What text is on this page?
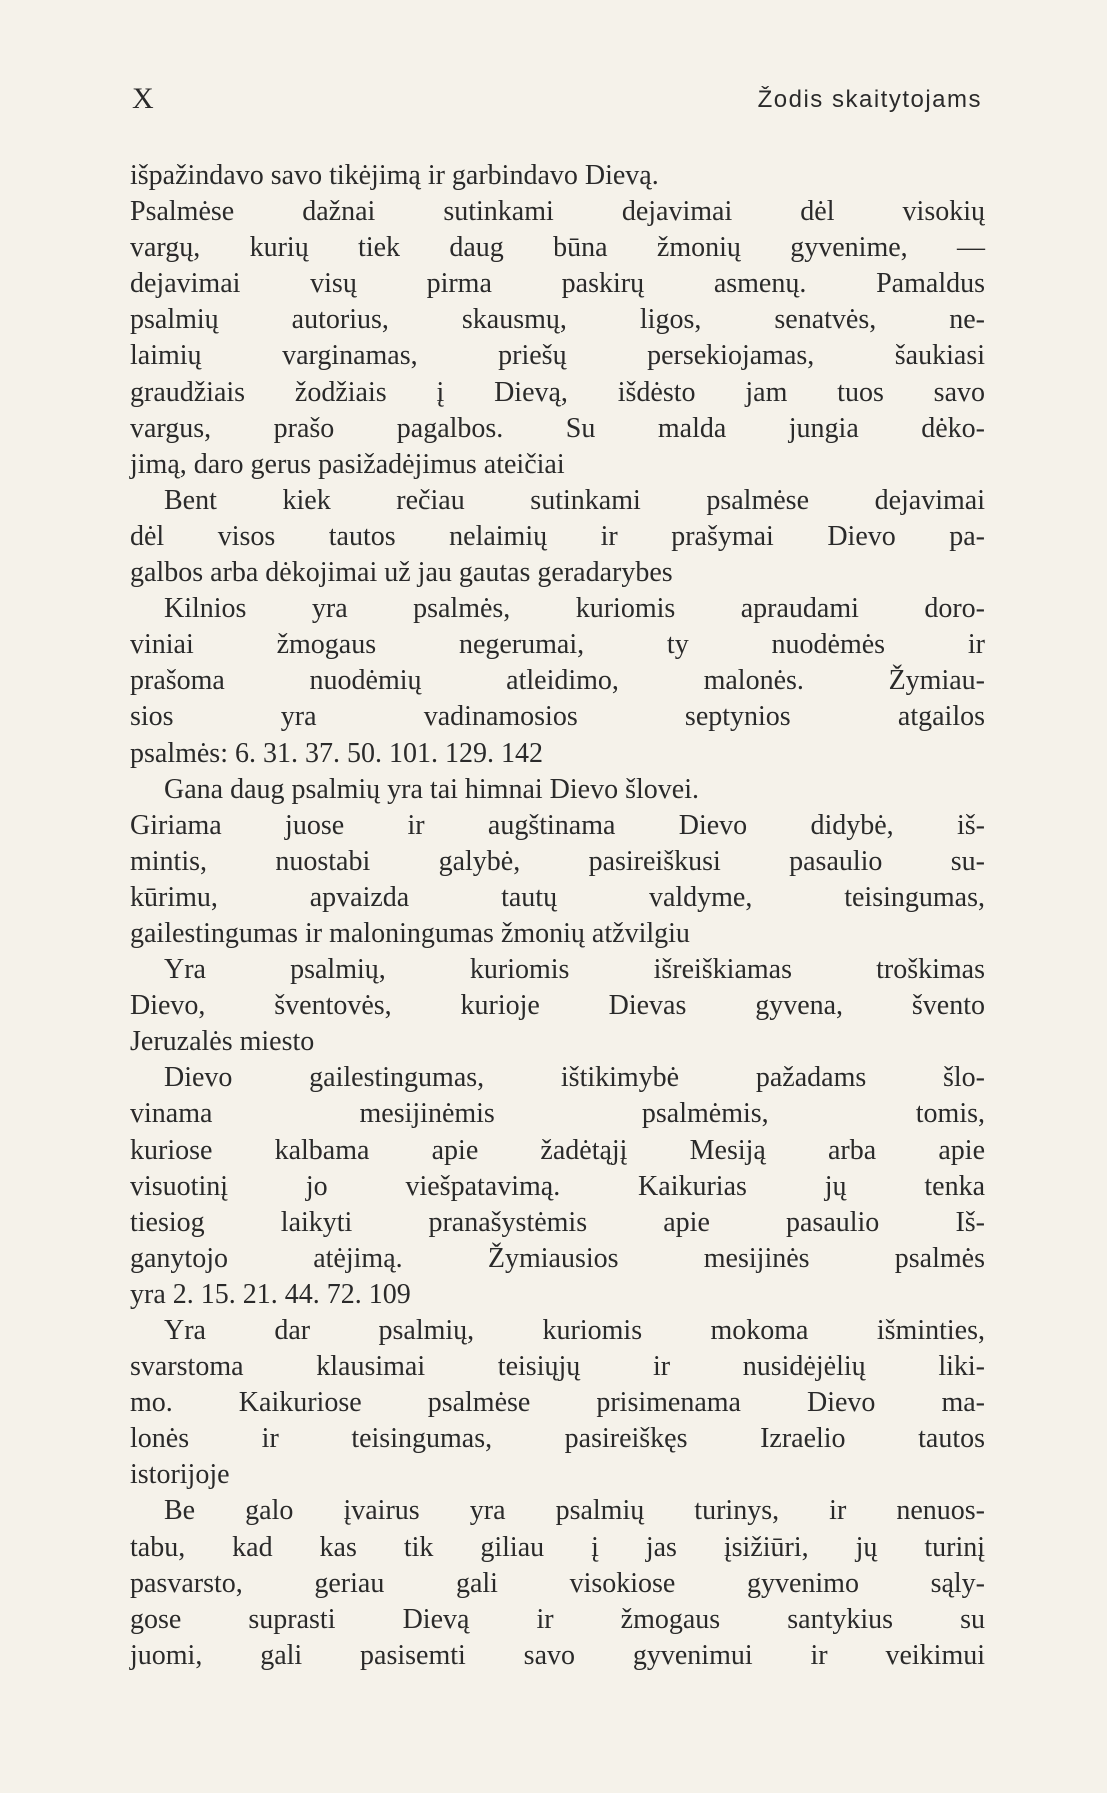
X	Žodis skaitytojams
išpažindavo savo tikėjimą ir garbindavo Dievą.
Psalmėse dažnai sutinkami dejavimai dėl visokių
vargų, kurių tiek daug būna žmonių gyvenime, —
dejavimai visų pirma paskirų asmenų. Pamaldus
psalmių autorius, skausmų, ligos, senatvės, ne-
laimių varginamas, priešų persekiojamas, šaukiasi
graudžiais žodžiais į Dievą, išdėsto jam tuos savo
vargus, prašo pagalbos. Su malda jungia dėko-
jimą, daro gerus pasižadėjimus ateičiai
Bent kiek rečiau sutinkami psalmėse dejavimai
dėl visos tautos nelaimių ir prašymai Dievo pa-
galbos arba dėkojimai už jau gautas geradarybes
Kilnios yra psalmės, kuriomis apraudami doro-
viniai žmogaus negerumai, ty nuodėmės ir
prašoma nuodėmių atleidimo, malonės. Žymiau-
sios yra vadinamosios septynios atgailos
psalmės: 6. 31. 37. 50. 101. 129. 142
Gana daug psalmių yra tai himnai Dievo šlovei.
Giriama juose ir augštinama Dievo didybė, iš-
mintis, nuostabi galybė, pasireiškusi pasaulio su-
kūrimu, apvaizda tautų valdyme, teisingumas,
gailestingumas ir maloningumas žmonių atžvilgiu
Yra psalmių, kuriomis išreiškiamas troškimas
Dievo, šventovės, kurioje Dievas gyvena, švento
Jeruzalės miesto
Dievo gailestingumas, ištikimybė pažadams šlo-
vinama mesijinėmis psalmėmis, tomis,
kuriose kalbama apie žadėtąjį Mesiją arba apie
visuotinį jo viešpatavimą. Kaikurias jų tenka
tiesiog laikyti pranašystėmis apie pasaulio Iš-
ganytojo atėjimą. Žymiausios mesijinės psalmės
yra 2. 15. 21. 44. 72. 109
Yra dar psalmių, kuriomis mokoma išminties,
svarstoma klausimai teisiųjų ir nusidėjėlių liki-
mo. Kaikuriose psalmėse prisimenama Dievo ma-
lonės ir teisingumas, pasireiškęs Izraelio tautos
istorijoje
Be galo įvairus yra psalmių turinys, ir nenuos-
tabu, kad kas tik giliau į jas įsižiūri, jų turinį
pasvarsto, geriau gali visokiose gyvenimo sąly-
gose suprasti Dievą ir žmogaus santykius su
juomi, gali pasisemti savo gyvenimui ir veikimui
